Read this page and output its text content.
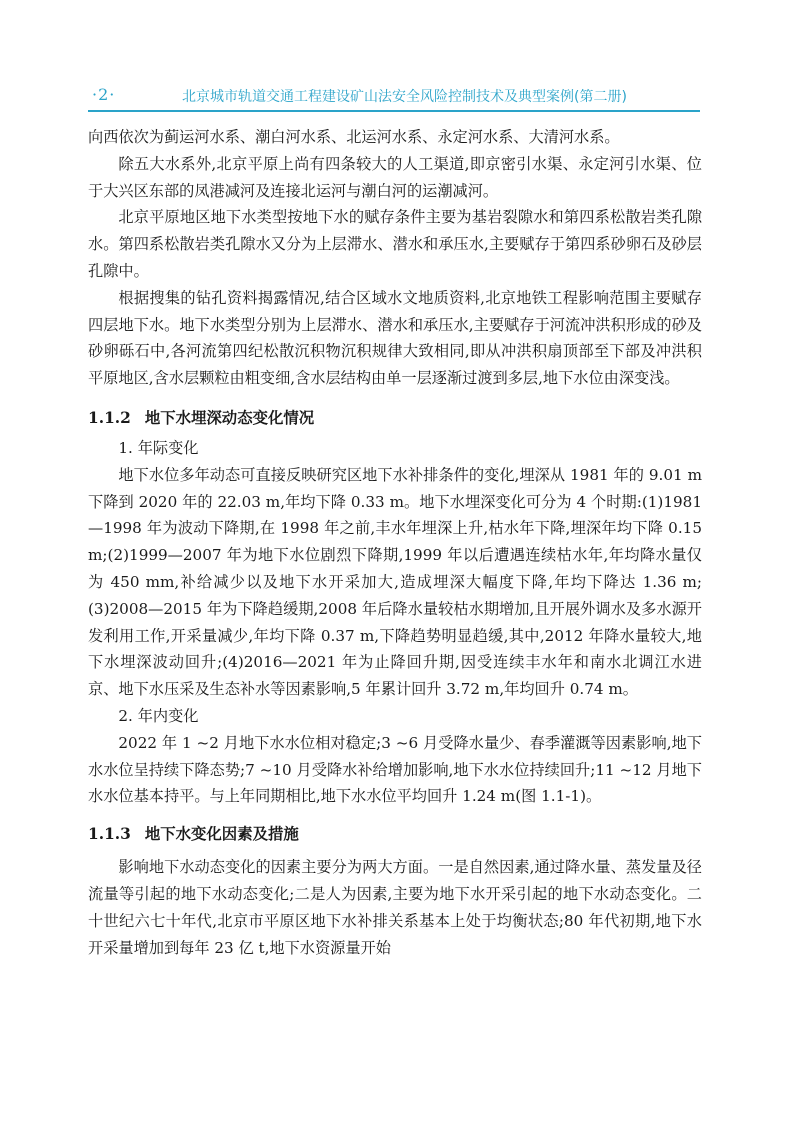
·2·	北京城市轨道交通工程建设矿山法安全风险控制技术及典型案例(第二册)

向西依次为蓟运河水系、潮白河水系、北运河水系、永定河水系、大清河水系。

除五大水系外,北京平原上尚有四条较大的人工渠道,即京密引水渠、永定河引水渠、位于大兴区东部的凤港减河及连接北运河与潮白河的运潮减河。

北京平原地区地下水类型按地下水的赋存条件主要为基岩裂隙水和第四系松散岩类孔隙水。第四系松散岩类孔隙水又分为上层滞水、潜水和承压水,主要赋存于第四系砂卵石及砂层孔隙中。

根据搜集的钻孔资料揭露情况,结合区域水文地质资料,北京地铁工程影响范围主要赋存四层地下水。地下水类型分别为上层滞水、潜水和承压水,主要赋存于河流冲洪积形成的砂及砂卵砾石中,各河流第四纪松散沉积物沉积规律大致相同,即从冲洪积扇顶部至下部及冲洪积平原地区,含水层颗粒由粗变细,含水层结构由单一层逐渐过渡到多层,地下水位由深变浅。

1.1.2 地下水埋深动态变化情况

1. 年际变化

地下水位多年动态可直接反映研究区地下水补排条件的变化,埋深从 1981 年的 9.01 m 下降到 2020 年的 22.03 m,年均下降 0.33 m。地下水埋深变化可分为 4 个时期:(1)1981—1998 年为波动下降期,在 1998 年之前,丰水年埋深上升,枯水年下降,埋深年均下降 0.15 m;(2)1999—2007 年为地下水位剧烈下降期,1999 年以后遭遇连续枯水年,年均降水量仅为 450 mm,补给减少以及地下水开采加大,造成埋深大幅度下降,年均下降达 1.36 m;(3)2008—2015 年为下降趋缓期,2008 年后降水量较枯水期增加,且开展外调水及多水源开发利用工作,开采量减少,年均下降 0.37 m,下降趋势明显趋缓,其中,2012 年降水量较大,地下水埋深波动回升;(4)2016—2021 年为止降回升期,因受连续丰水年和南水北调江水进京、地下水压采及生态补水等因素影响,5 年累计回升 3.72 m,年均回升 0.74 m。

2. 年内变化

2022 年 1 ~2 月地下水水位相对稳定;3 ~6 月受降水量少、春季灌溉等因素影响,地下水水位呈持续下降态势;7 ~10 月受降水补给增加影响,地下水水位持续回升;11 ~12 月地下水水位基本持平。与上年同期相比,地下水水位平均回升 1.24 m(图 1.1-1)。

1.1.3 地下水变化因素及措施

影响地下水动态变化的因素主要分为两大方面。一是自然因素,通过降水量、蒸发量及径流量等引起的地下水动态变化;二是人为因素,主要为地下水开采引起的地下水动态变化。二十世纪六七十年代,北京市平原区地下水补排关系基本上处于均衡状态;80 年代初期,地下水开采量增加到每年 23 亿 t,地下水资源量开始
